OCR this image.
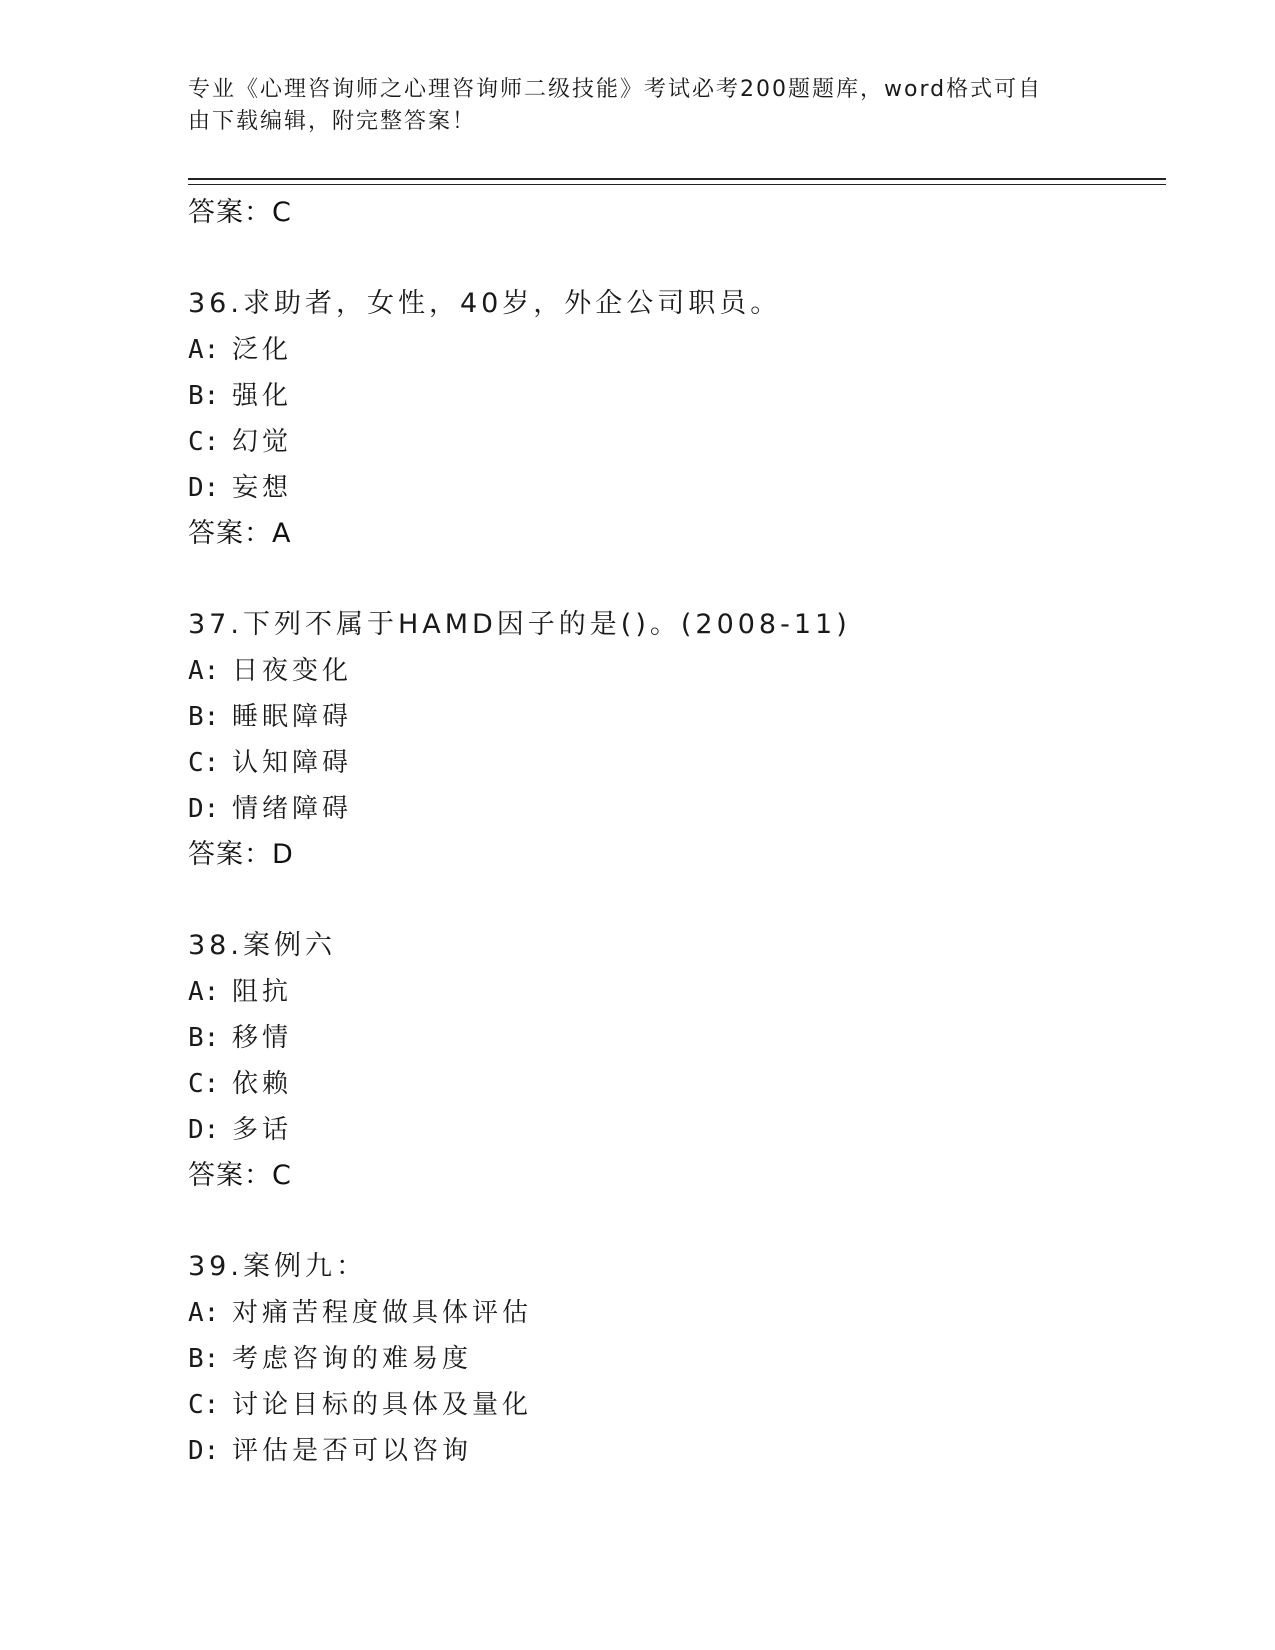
专业《心理咨询师之心理咨询师二级技能》考试必考200题题库，word格式可自
由下载编辑，附完整答案！
答案：C
36.求助者，女性，40岁，外企公司职员。
A: 泛化
B: 强化
C: 幻觉
D: 妄想
答案：A
37.下列不属于HAMD因子的是()。(2008-11)
A: 日夜变化
B: 睡眠障碍
C: 认知障碍
D: 情绪障碍
答案：D
38.案例六
A: 阻抗
B: 移情
C: 依赖
D: 多话
答案：C
39.案例九：
A: 对痛苦程度做具体评估
B: 考虑咨询的难易度
C: 讨论目标的具体及量化
D: 评估是否可以咨询
